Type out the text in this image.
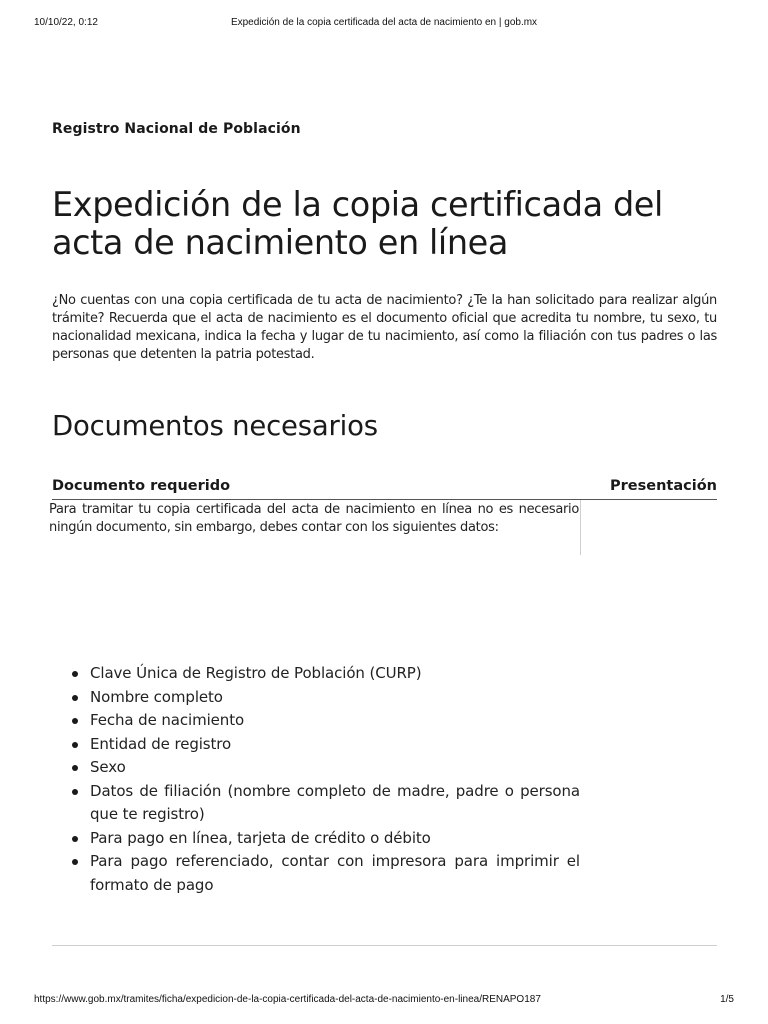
10/10/22, 0:12	Expedición de la copia certificada del acta de nacimiento en | gob.mx
Registro Nacional de Población
Expedición de la copia certificada del acta de nacimiento en línea

¿No cuentas con una copia certificada de tu acta de nacimiento? ¿Te la han solicitado para realizar algún trámite? Recuerda que el acta de nacimiento es el documento oficial que acredita tu nombre, tu sexo, tu nacionalidad mexicana, indica la fecha y lugar de tu nacimiento, así como la filiación con tus padres o las personas que detenten la patria potestad.

Documentos necesarios
Documento requerido	Presentación

Para tramitar tu copia certificada del acta de nacimiento en línea no es necesario ningún documento, sin embargo, debes contar con los siguientes datos:

Clave Única de Registro de Población (CURP)
Nombre completo
Fecha de nacimiento
Entidad de registro
Sexo
Datos de filiación (nombre completo de madre, padre o persona que te registro)
Para pago en línea, tarjeta de crédito o débito
Para pago referenciado, contar con impresora para imprimir el formato de pago
https://www.gob.mx/tramites/ficha/expedicion-de-la-copia-certificada-del-acta-de-nacimiento-en-linea/RENAPO187	1/5
